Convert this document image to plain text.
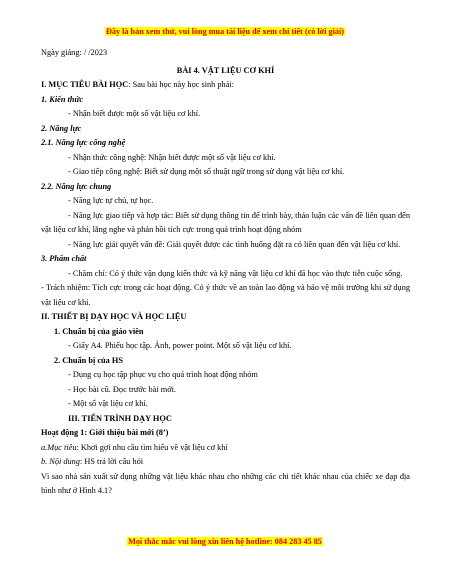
Đây là bản xem thử, vui lòng mua tài liệu để xem chi tiết (có lời giải)

Ngày giảng: / /2023

BÀI 4. VẬT LIỆU CƠ KHÍ

I. MỤC TIÊU BÀI HỌC: Sau bài học này học sinh phải:

1. Kiến thức

- Nhận biết được một số vật liệu cơ khí.

2. Năng lực

2.1. Năng lực công nghệ

- Nhận thức công nghệ: Nhận biết được một số vật liệu cơ khí.

- Giao tiếp công nghệ: Biết sử dụng một số thuật ngữ trong sử dụng vật liệu cơ khí.

2.2. Năng lực chung

- Năng lực tự chủ, tự học.

- Năng lực giao tiếp và hợp tác: Biết sử dụng thông tin để trình bày, thảo luận các vấn đề liên quan đến vật liệu cơ khí, lắng nghe và phản hồi tích cực trong quá trình hoạt động nhóm

- Năng lực giải quyết vấn đề: Giải quyết được các tình huống đặt ra có liên quan đến vật liệu cơ khí.

3. Phẩm chất

- Chăm chỉ: Có ý thức vận dụng kiến thức và kỹ năng vật liệu cơ khí đã học vào thực tiễn cuộc sống.

- Trách nhiệm: Tích cực trong các hoạt động. Có ý thức về an toàn lao động và bảo vệ môi trường khi sử dụng vật liệu cơ khí.

II. THIẾT BỊ DẠY HỌC VÀ HỌC LIỆU

1. Chuẩn bị của giáo viên

- Giấy A4. Phiếu học tập. Ảnh, power point. Một số vật liệu cơ khí.

2. Chuẩn bị của HS

- Dụng cụ học tập phục vụ cho quá trình hoạt động nhóm

- Học bài cũ. Đọc trước bài mới.

- Một số vật liệu cơ khí.

III. TIẾN TRÌNH DẠY HỌC

Hoạt động 1: Giới thiệu bài mới (8’)

a.Mục tiêu: Khơi gợi nhu cầu tìm hiểu về vật liệu cơ khí

b. Nội dung: HS trả lời câu hỏi

Vì sao nhà sản xuất sử dụng những vật liệu khác nhau cho những các chi tiết khác nhau của chiếc xe đạp địa hình như ở Hình 4.1?

Mọi thắc mắc vui lòng xin liên hệ hotline: 084 283 45 85
